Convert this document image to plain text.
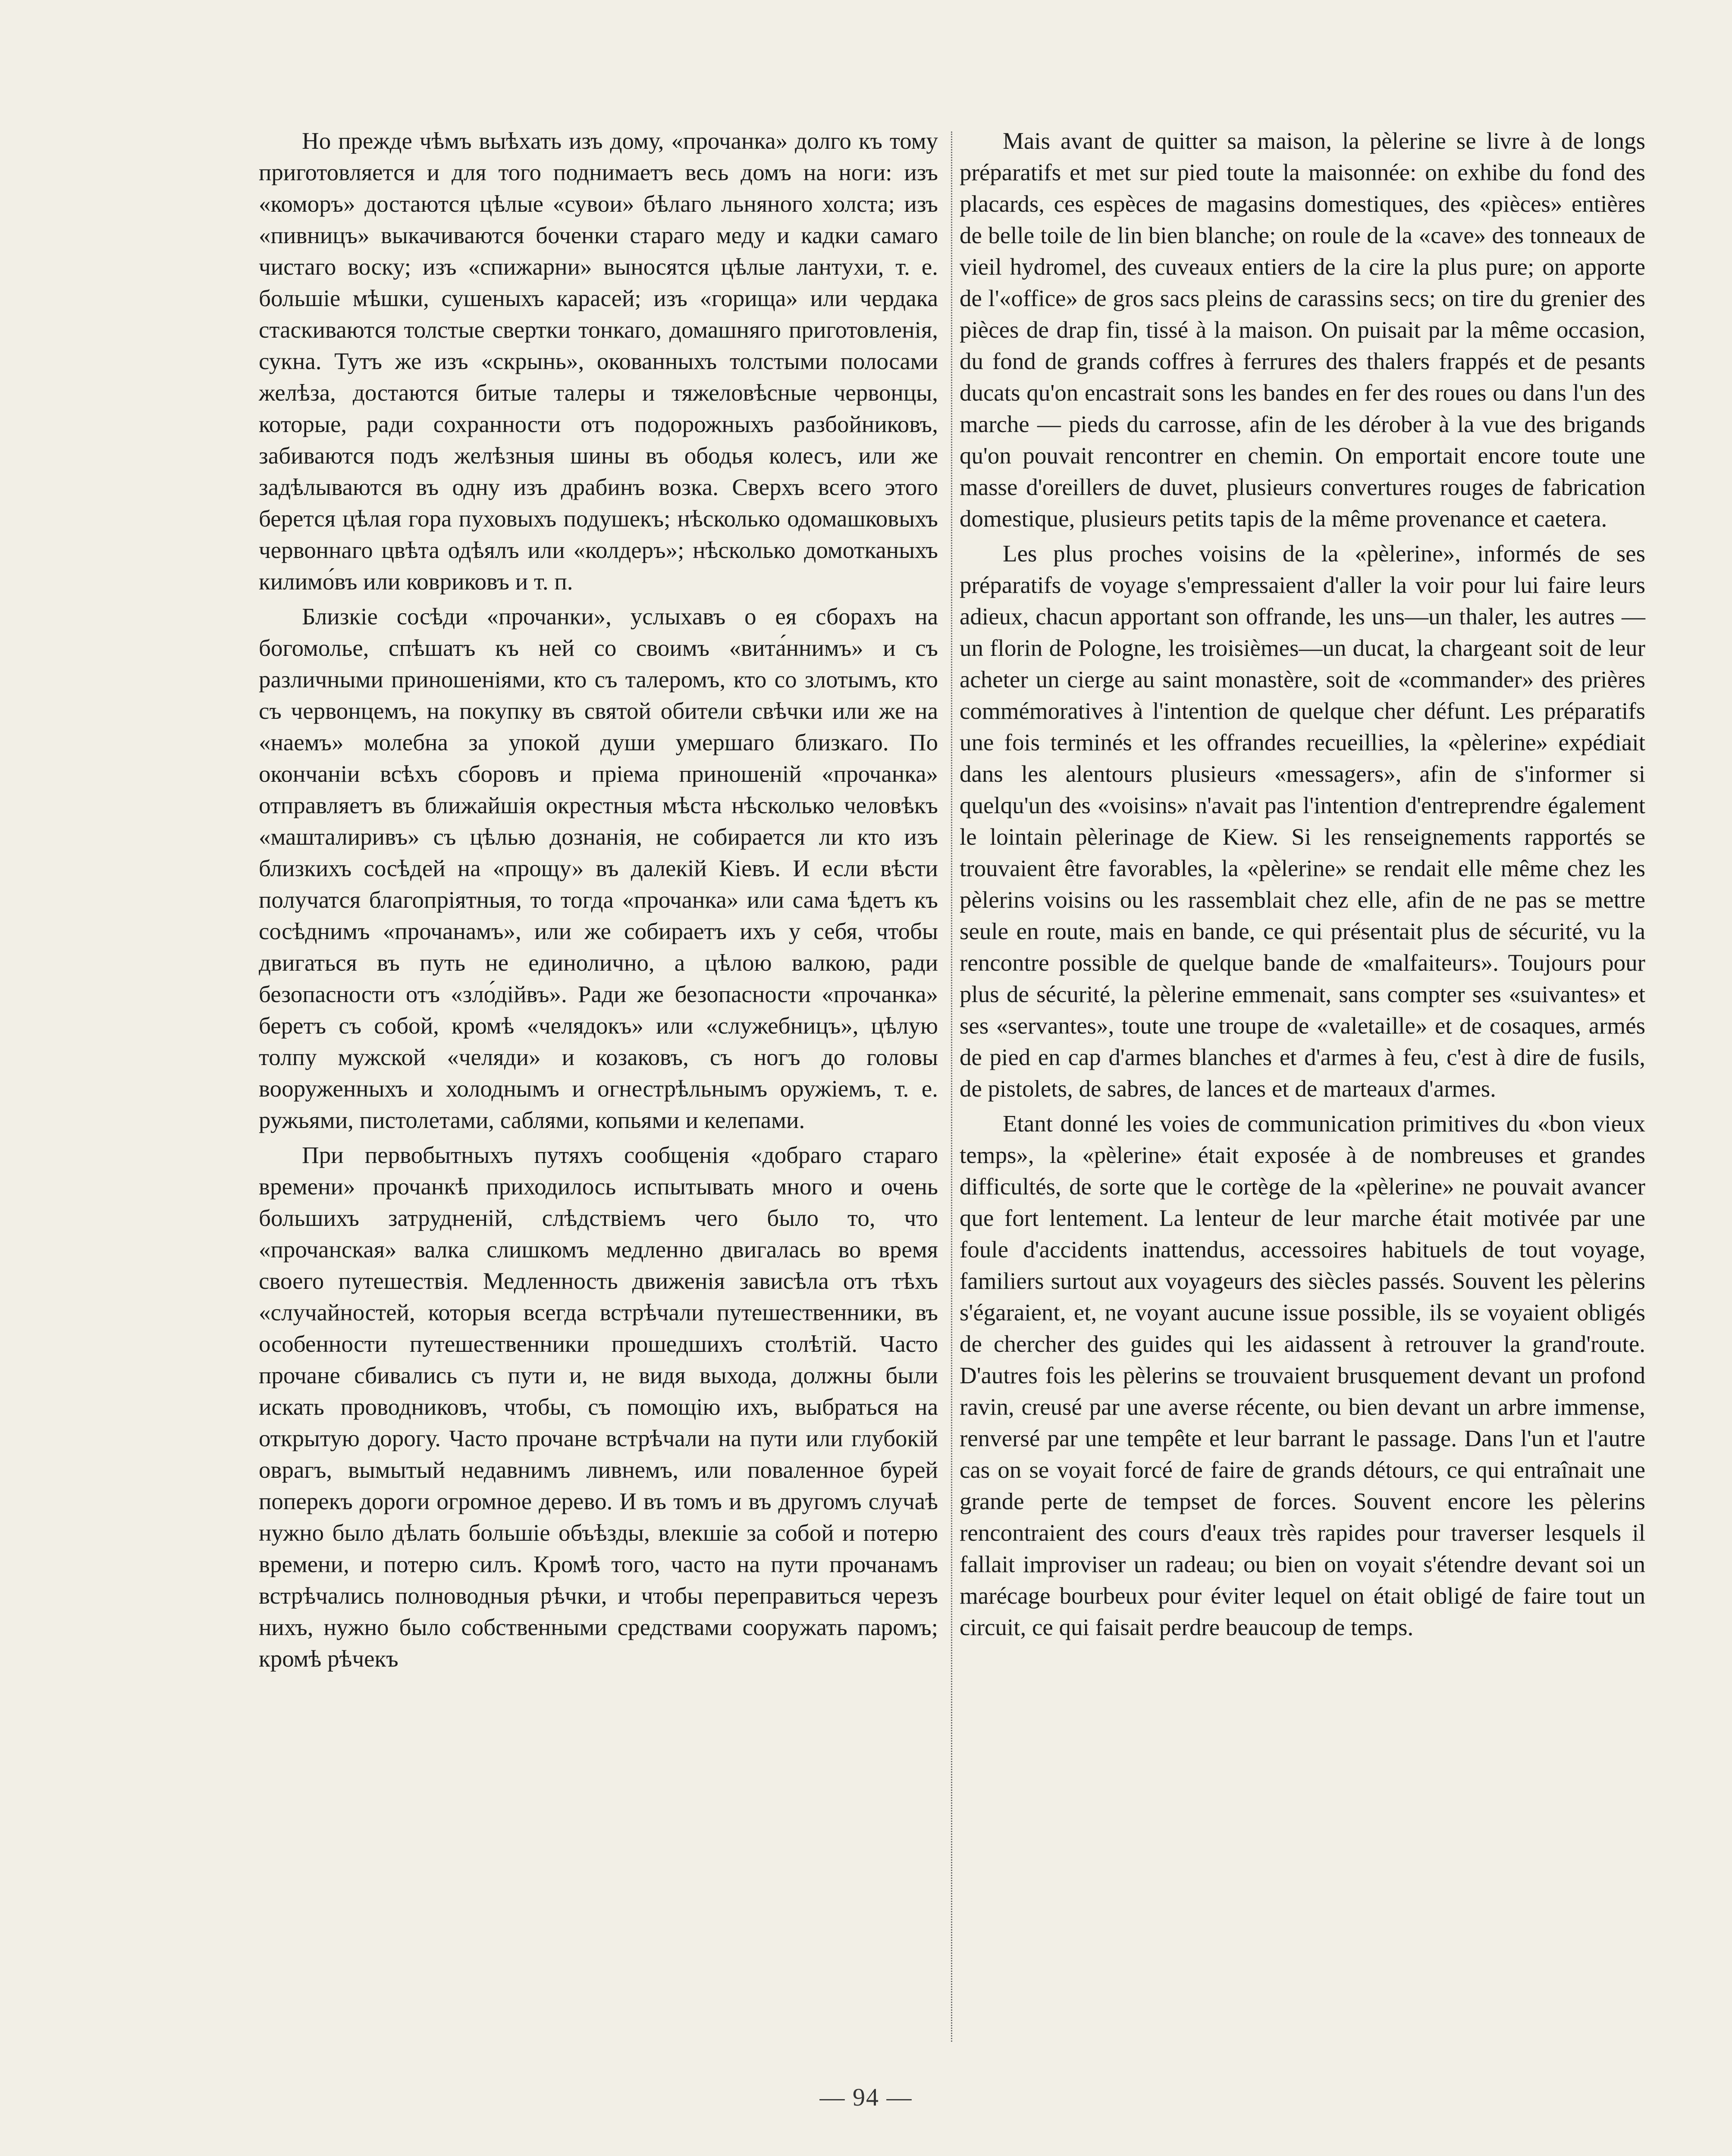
Но прежде чѣмъ выѣхать изъ дому, «прочанка» долго къ тому приготовляется и для того поднимаетъ весь домъ на ноги: изъ «коморъ» достаются цѣлые «сувои» бѣлаго льняного холста; изъ «пивницъ» выкачиваются боченки стараго меду и кадки самаго чистаго воску; изъ «спижарни» выносятся цѣлые лантухи, т. е. большіе мѣшки, сушеныхъ карасей; изъ «горища» или чердака стаскиваются толстые свертки тонкаго, домашняго приготовленія, сукна. Тутъ же изъ «скрынь», окованныхъ толстыми полосами желѣза, достаются битые талеры и тяжеловѣсные червонцы, которые, ради сохранности отъ подорожныхъ разбойниковъ, забиваются подъ желѣзныя шины въ ободья колесъ, или же задѣлываются въ одну изъ драбинъ возка. Сверхъ всего этого берется цѣлая гора пуховыхъ подушекъ; нѣсколько одомашковыхъ червоннаго цвѣта одѣялъ или «колдеръ»; нѣсколько домотканыхъ килимо́въ или ковриковъ и т. п.

Близкіе сосѣди «прочанки», услыхавъ о ея сборахъ на богомолье, спѣшатъ къ ней со своимъ «вита́ннимъ» и съ различными приношеніями, кто съ талеромъ, кто со злотымъ, кто съ червонцемъ, на покупку въ святой обители свѣчки или же на «наемъ» молебна за упокой души умершаго близкаго. По окончаніи всѣхъ сборовъ и пріема приношеній «прочанка» отправляетъ въ ближайшія окрестныя мѣста нѣсколько человѣкъ «машталиривъ» съ цѣлью дознанія, не собирается ли кто изъ близкихъ сосѣдей на «прощу» въ далекій Кіевъ. И если вѣсти получатся благопріятныя, то тогда «прочанка» или сама ѣдетъ къ сосѣднимъ «прочанамъ», или же собираетъ ихъ у себя, чтобы двигаться въ путь не единолично, а цѣлою валкою, ради безопасности отъ «зло́дійвъ». Ради же безопасности «прочанка» беретъ съ собой, кромѣ «челядокъ» или «служебницъ», цѣлую толпу мужской «челяди» и козаковъ, съ ногъ до головы вооруженныхъ и холоднымъ и огнестрѣльнымъ оружіемъ, т. е. ружьями, пистолетами, саблями, копьями и келепами.

При первобытныхъ путяхъ сообщенія «добраго стараго времени» прочанкѣ приходилось испытывать много и очень большихъ затрудненій, слѣдствіемъ чего было то, что «прочанская» валка слишкомъ медленно двигалась во время своего путешествія. Медленность движенія зависѣла отъ тѣхъ «случайностей, которыя всегда встрѣчали путешественники, въ особенности путешественники прошедшихъ столѣтій. Часто прочане сбивались съ пути и, не видя выхода, должны были искать проводниковъ, чтобы, съ помощію ихъ, выбраться на открытую дорогу. Часто прочане встрѣчали на пути или глубокій оврагъ, вымытый недавнимъ ливнемъ, или поваленное бурей поперекъ дороги огромное дерево. И въ томъ и въ другомъ случаѣ нужно было дѣлать большіе объѣзды, влекшіе за собой и потерю времени, и потерю силъ. Кромѣ того, часто на пути прочанамъ встрѣчались полноводныя рѣчки, и чтобы переправиться черезъ нихъ, нужно было собственными средствами сооружать паромъ; кромѣ рѣчекъ

Mais avant de quitter sa maison, la pèlerine se livre à de longs préparatifs et met sur pied toute la maisonnée: on exhibe du fond des placards, ces espèces de magasins domestiques, des «pièces» entières de belle toile de lin bien blanche; on roule de la «cave» des tonneaux de vieil hydromel, des cuveaux entiers de la cire la plus pure; on apporte de l'«office» de gros sacs pleins de carassins secs; on tire du grenier des pièces de drap fin, tissé à la maison. On puisait par la même occasion, du fond de grands coffres à ferrures des thalers frappés et de pesants ducats qu'on encastrait sons les bandes en fer des roues ou dans l'un des marche — pieds du carrosse, afin de les dérober à la vue des brigands qu'on pouvait rencontrer en chemin. On emportait encore toute une masse d'oreillers de duvet, plusieurs convertures rouges de fabrication domestique, plusieurs petits tapis de la même provenance et caetera.

Les plus proches voisins de la «pèlerine», informés de ses préparatifs de voyage s'empressaient d'aller la voir pour lui faire leurs adieux, chacun apportant son offrande, les uns—un thaler, les autres — un florin de Pologne, les troisièmes—un ducat, la chargeant soit de leur acheter un cierge au saint monastère, soit de «commander» des prières commémoratives à l'intention de quelque cher défunt. Les préparatifs une fois terminés et les offrandes recueillies, la «pèlerine» expédiait dans les alentours plusieurs «messagers», afin de s'informer si quelqu'un des «voisins» n'avait pas l'intention d'entreprendre également le lointain pèlerinage de Kiew. Si les renseignements rapportés se trouvaient être favorables, la «pèlerine» se rendait elle même chez les pèlerins voisins ou les rassemblait chez elle, afin de ne pas se mettre seule en route, mais en bande, ce qui présentait plus de sécurité, vu la rencontre possible de quelque bande de «malfaiteurs». Toujours pour plus de sécurité, la pèlerine emmenait, sans compter ses «suivantes» et ses «servantes», toute une troupe de «valetaille» et de cosaques, armés de pied en cap d'armes blanches et d'armes à feu, c'est à dire de fusils, de pistolets, de sabres, de lances et de marteaux d'armes.

Etant donné les voies de communication primitives du «bon vieux temps», la «pèlerine» était exposée à de nombreuses et grandes difficultés, de sorte que le cortège de la «pèlerine» ne pouvait avancer que fort lentement. La lenteur de leur marche était motivée par une foule d'accidents inattendus, accessoires habituels de tout voyage, familiers surtout aux voyageurs des siècles passés. Souvent les pèlerins s'égaraient, et, ne voyant aucune issue possible, ils se voyaient obligés de chercher des guides qui les aidassent à retrouver la grand'route. D'autres fois les pèlerins se trouvaient brusquement devant un profond ravin, creusé par une averse récente, ou bien devant un arbre immense, renversé par une tempête et leur barrant le passage. Dans l'un et l'autre cas on se voyait forcé de faire de grands détours, ce qui entraînait une grande perte de tempset de forces. Souvent encore les pèlerins rencontraient des cours d'eaux très rapides pour traverser lesquels il fallait improviser un radeau; ou bien on voyait s'étendre devant soi un marécage bourbeux pour éviter lequel on était obligé de faire tout un circuit, ce qui faisait perdre beaucoup de temps.

— 94 —
